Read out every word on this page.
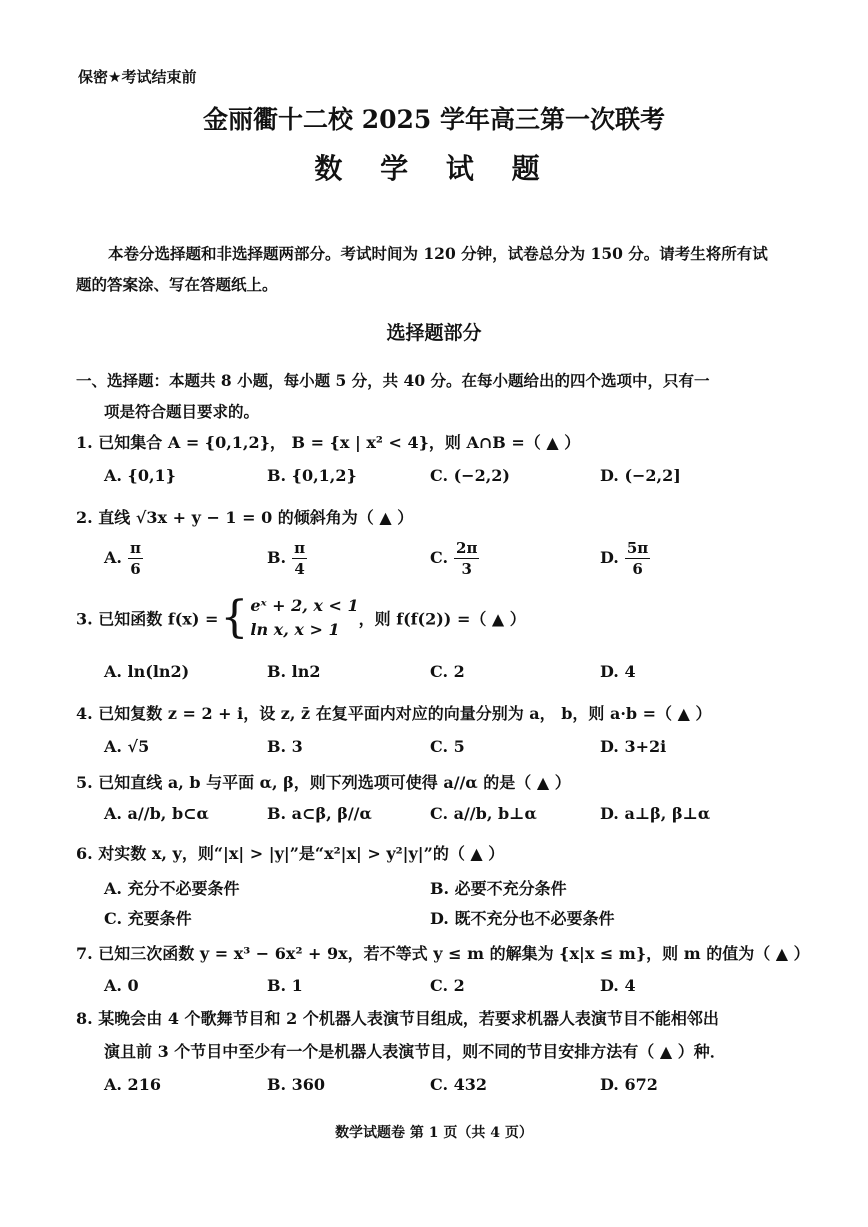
保密★考试结束前
金丽衢十二校 2025 学年高三第一次联考
数 学 试 题
本卷分选择题和非选择题两部分。考试时间为 120 分钟，试卷总分为 150 分。请考生将所有试题的答案涂、写在答题纸上。
选择题部分
一、选择题：本题共 8 小题，每小题 5 分，共 40 分。在每小题给出的四个选项中，只有一
项是符合题目要求的。
1. 已知集合 A = {0,1,2}， B = {x | x² < 4}，则 A∩B =（ ▲ ）
A. {0,1}	B. {0,1,2}	C. (−2,2)	D. (−2,2]
2. 直线 √3x + y − 1 = 0 的倾斜角为（ ▲ ）
A. $\frac{\pi}{6}$	B. $\frac{\pi}{4}$	C. $\frac{2\pi}{3}$	D. $\frac{5\pi}{6}$
3. 已知函数 f(x) ={ eˣ + 2, x < 1
ln x, x > 1
，则 f(f(2)) =（ ▲ ）
A. ln(ln2)	B. ln2	C. 2	D. 4
4. 已知复数 z = 2 + i，设 z, z̄ 在复平面内对应的向量分别为 a， b，则 a·b =（ ▲ ）
A. √5	B. 3	C. 5	D. 3+2i
5. 已知直线 a, b 与平面 α, β，则下列选项可使得 a//α 的是（ ▲ ）
A. a//b, b⊂α	B. a⊂β, β//α	C. a//b, b⊥α	D. a⊥β, β⊥α
6. 对实数 x, y，则“|x| > |y|”是“x²|x| > y²|y|”的（ ▲ ）
A. 充分不必要条件	B. 必要不充分条件
C. 充要条件	D. 既不充分也不必要条件
7. 已知三次函数 y = x³ − 6x² + 9x，若不等式 y ≤ m 的解集为 {x|x ≤ m}，则 m 的值为（ ▲ ）
A. 0	B. 1	C. 2	D. 4
8. 某晚会由 4 个歌舞节目和 2 个机器人表演节目组成，若要求机器人表演节目不能相邻出
演且前 3 个节目中至少有一个是机器人表演节目，则不同的节目安排方法有（ ▲ ）种．
A. 216	B. 360	C. 432	D. 672
数学试题卷 第 1 页（共 4 页）
